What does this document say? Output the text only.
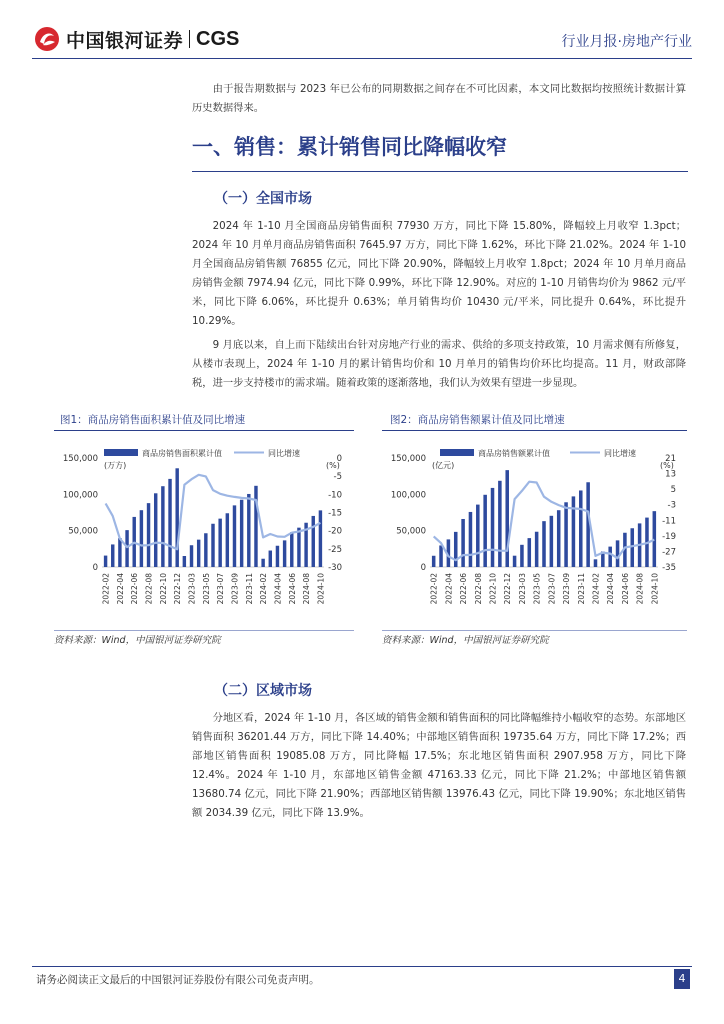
中国银河证券 CGS	行业月报·房地产行业

由于报告期数据与 2023 年已公布的同期数据之间存在不可比因素，本文同比数据均按照统计数据计算历史数据得来。

一、销售：累计销售同比降幅收窄
（一）全国市场

2024 年 1-10 月全国商品房销售面积 77930 万方，同比下降 15.80%，降幅较上月收窄 1.3pct；2024 年 10 月单月商品房销售面积 7645.97 万方，同比下降 1.62%，环比下降 21.02%。2024 年 1-10 月全国商品房销售额 76855 亿元，同比下降 20.90%，降幅较上月收窄 1.8pct；2024 年 10 月单月商品房销售金额 7974.94 亿元，同比下降 0.99%，环比下降 12.90%。对应的 1-10 月销售均价为 9862 元/平米，同比下降 6.06%，环比提升 0.63%；单月销售均价 10430 元/平米，同比提升 0.64%，环比提升 10.29%。

9 月底以来，自上而下陆续出台针对房地产行业的需求、供给的多项支持政策，10 月需求侧有所修复，从楼市表现上，2024 年 1-10 月的累计销售均价和 10 月单月的销售均价环比均提高。11 月，财政部降税，进一步支持楼市的需求端。随着政策的逐渐落地，我们认为效果有望进一步显现。

图1：商品房销售面积累计值及同比增速
商品房销售面积累计值	同比增速
(万方)	(%)
150,000
100,000
50,000
0
0
-5
-10
-15
-20
-25
-30
2022-02 2022-04 2022-06 2022-08 2022-10 2022-12 2023-03 2023-05 2023-07 2023-09 2023-11 2024-02 2024-04 2024-06 2024-08 2024-10
资料来源：Wind，中国银河证券研究院
图2：商品房销售额累计值及同比增速
商品房销售额累计值	同比增速
(亿元)	(%)
150,000
100,000
50,000
0
21
13
5
-3
-11
-19
-27
-35
2022-02 2022-04 2022-06 2022-08 2022-10 2022-12 2023-03 2023-05 2023-07 2023-09 2023-11 2024-02 2024-04 2024-06 2024-08 2024-10
资料来源：Wind，中国银河证券研究院
（二）区域市场

分地区看，2024 年 1-10 月，各区域的销售金额和销售面积的同比降幅维持小幅收窄的态势。东部地区销售面积 36201.44 万方，同比下降 14.40%；中部地区销售面积 19735.64 万方，同比下降 17.2%；西部地区销售面积 19085.08 万方，同比降幅 17.5%；东北地区销售面积 2907.958 万方，同比下降 12.4%。2024 年 1-10 月，东部地区销售金额 47163.33 亿元，同比下降 21.2%；中部地区销售额 13680.74 亿元，同比下降 21.90%；西部地区销售额 13976.43 亿元，同比下降 19.90%；东北地区销售额 2034.39 亿元，同比下降 13.9%。

请务必阅读正文最后的中国银河证券股份有限公司免责声明。	4
